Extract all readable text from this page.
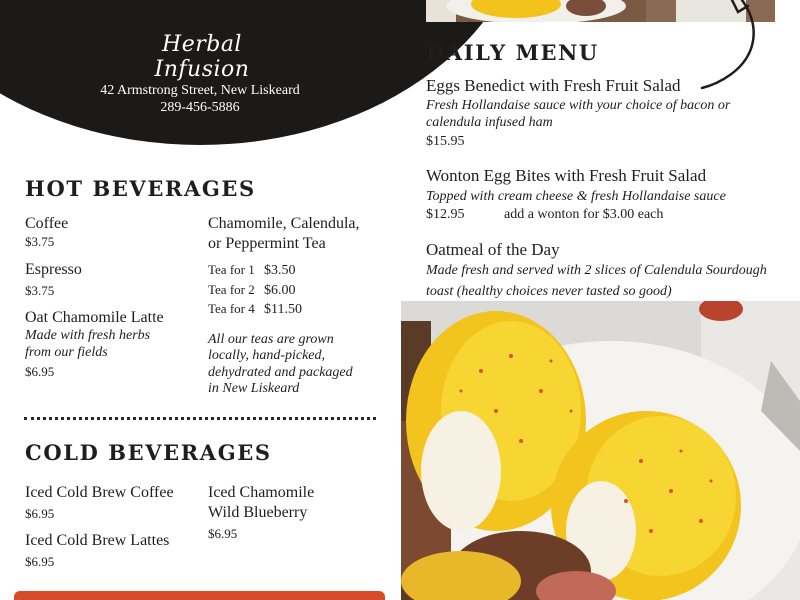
Herbal Infusion
42 Armstrong Street, New Liskeard
289-456-5886
HOT BEVERAGES
Coffee
$3.75
Espresso
$3.75
Oat Chamomile Latte
Made with fresh herbs
from our fields
$6.95
Chamomile, Calendula,
or Peppermint Tea
Tea for 1 $3.50
Tea for 2 $6.00
Tea for 4 $11.50
All our teas are grown
locally, hand-picked,
dehydrated and packaged
in New Liskeard
COLD BEVERAGES
Iced Cold Brew Coffee
$6.95
Iced Cold Brew Lattes
$6.95
Iced Chamomile
Wild Blueberry
$6.95
DAILY MENU
Eggs Benedict with Fresh Fruit Salad
Fresh Hollandaise sauce with your choice of bacon or
calendula infused ham
$15.95
Wonton Egg Bites with Fresh Fruit Salad
Topped with cream cheese & fresh Hollandaise sauce
$12.95	add a wonton for $3.00 each
Oatmeal of the Day
Made fresh and served with 2 slices of Calendula Sourdough
toast (healthy choices never tasted so good)
